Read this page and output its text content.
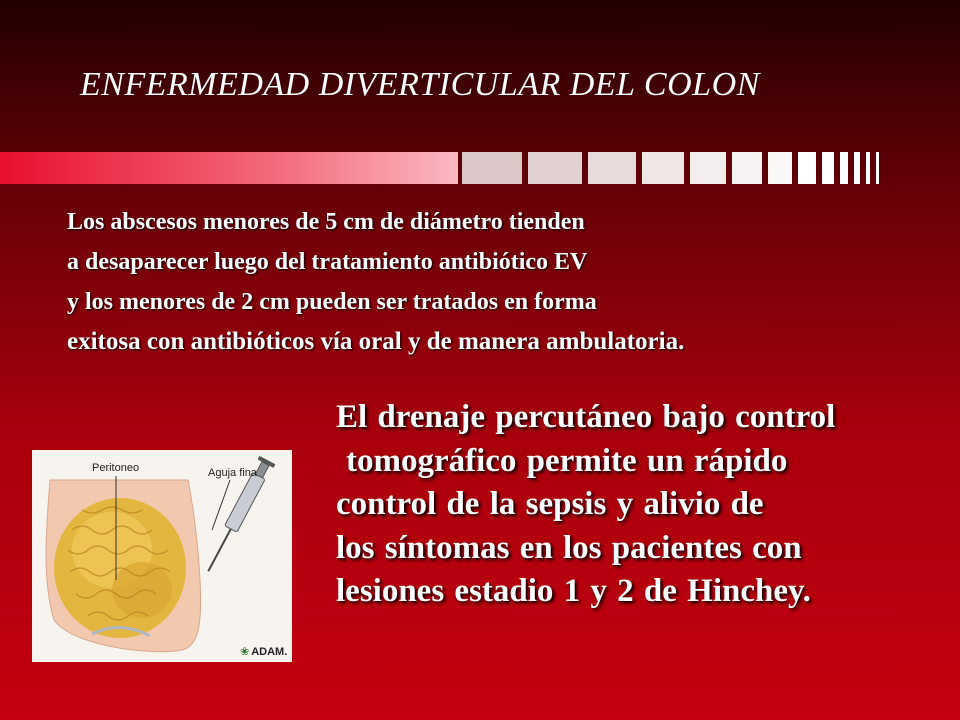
ENFERMEDAD DIVERTICULAR DEL COLON
Los abscesos menores de 5 cm de diámetro tienden
a desaparecer luego del tratamiento antibiótico EV
y los menores de 2 cm pueden ser tratados en forma
exitosa con antibióticos vía oral y de manera ambulatoria.
Peritoneo	Aguja fina
❀ ADAM.
El drenaje percutáneo bajo control
tomográfico permite un rápido
control de la sepsis y alivio de
los síntomas en los pacientes con
lesiones estadio 1 y 2 de Hinchey.
